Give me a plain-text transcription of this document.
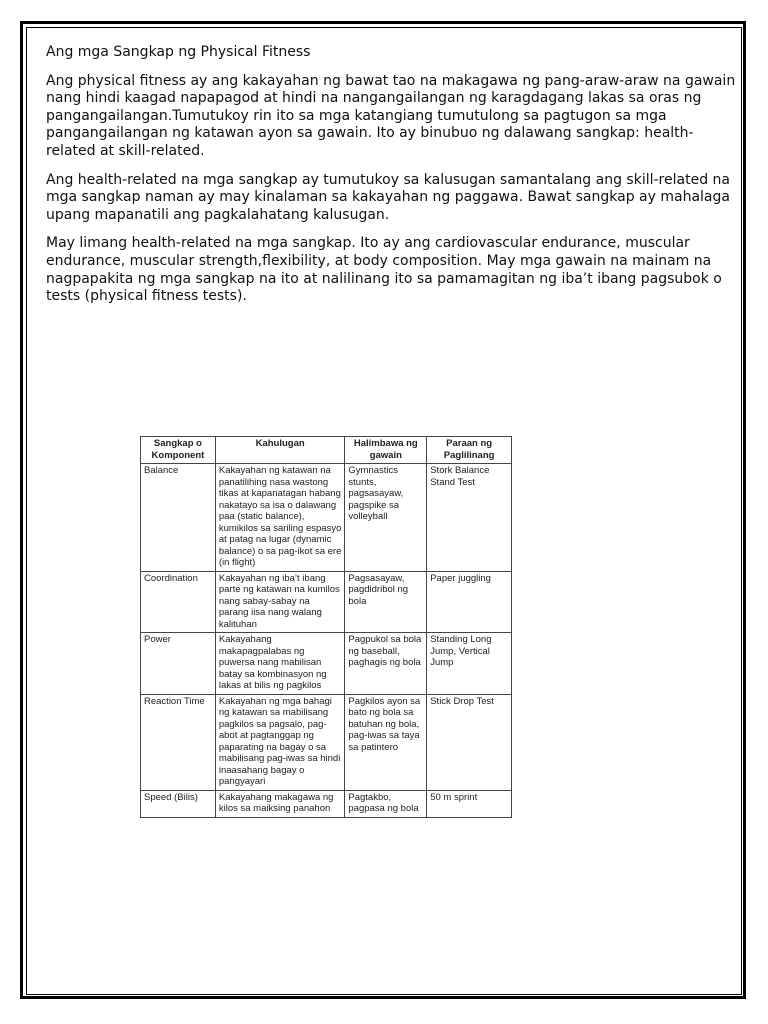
Ang mga Sangkap ng Physical Fitness

Ang physical fitness ay ang kakayahan ng bawat tao na makagawa ng pang-araw-araw na gawain nang hindi kaagad napapagod at hindi na nangangailangan ng karagdagang lakas sa oras ng pangangailangan.Tumutukoy rin ito sa mga katangiang tumutulong sa pagtugon sa mga pangangailangan ng katawan ayon sa gawain. Ito ay binubuo ng dalawang sangkap: health-related at skill-related.

Ang health-related na mga sangkap ay tumutukoy sa kalusugan samantalang ang skill-related na mga sangkap naman ay may kinalaman sa kakayahan ng paggawa. Bawat sangkap ay mahalaga upang mapanatili ang pagkalahatang kalusugan.

May limang health-related na mga sangkap. Ito ay ang cardiovascular endurance, muscular endurance, muscular strength,flexibility, at body composition. May mga gawain na mainam na nagpapakita ng mga sangkap na ito at nalilinang ito sa pamamagitan ng iba’t ibang pagsubok o tests (physical fitness tests).

Sangkap o Komponent	Kahulugan	Halimbawa ng gawain	Paraan ng Paglilinang
Balance	Kakayahan ng katawan na panatilihing nasa wastong tikas at kapanatagan habang nakatayo sa isa o dalawang paa (static balance), kumikilos sa sariling espasyo at patag na lugar (dynamic balance) o sa pag-ikot sa ere (in flight)	Gymnastics stunts, pagsasayaw, pagspike sa volleyball	Stork Balance Stand Test
Coordination	Kakayahan ng iba’t ibang parte ng katawan na kumilos nang sabay-sabay na parang iisa nang walang kalituhan	Pagsasayaw, pagdidribol ng bola	Paper juggling
Power	Kakayahang makapagpalabas ng puwersa nang mabilisan batay sa kombinasyon ng lakas at bilis ng pagkilos	Pagpukol sa bola ng baseball, paghagis ng bola	Standing Long Jump, Vertical Jump
Reaction Time	Kakayahan ng mga bahagi ng katawan sa mabilisang pagkilos sa pagsalo, pag-abot at pagtanggap ng paparating na bagay o sa mabilisang pag-iwas sa hindi inaasahang bagay o pangyayari	Pagkilos ayon sa bato ng bola sa batuhan ng bola, pag-iwas sa taya sa patintero	Stick Drop Test
Speed (Bilis)	Kakayahang makagawa ng kilos sa maiksing panahon	Pagtakbo, pagpasa ng bola	50 m sprint
